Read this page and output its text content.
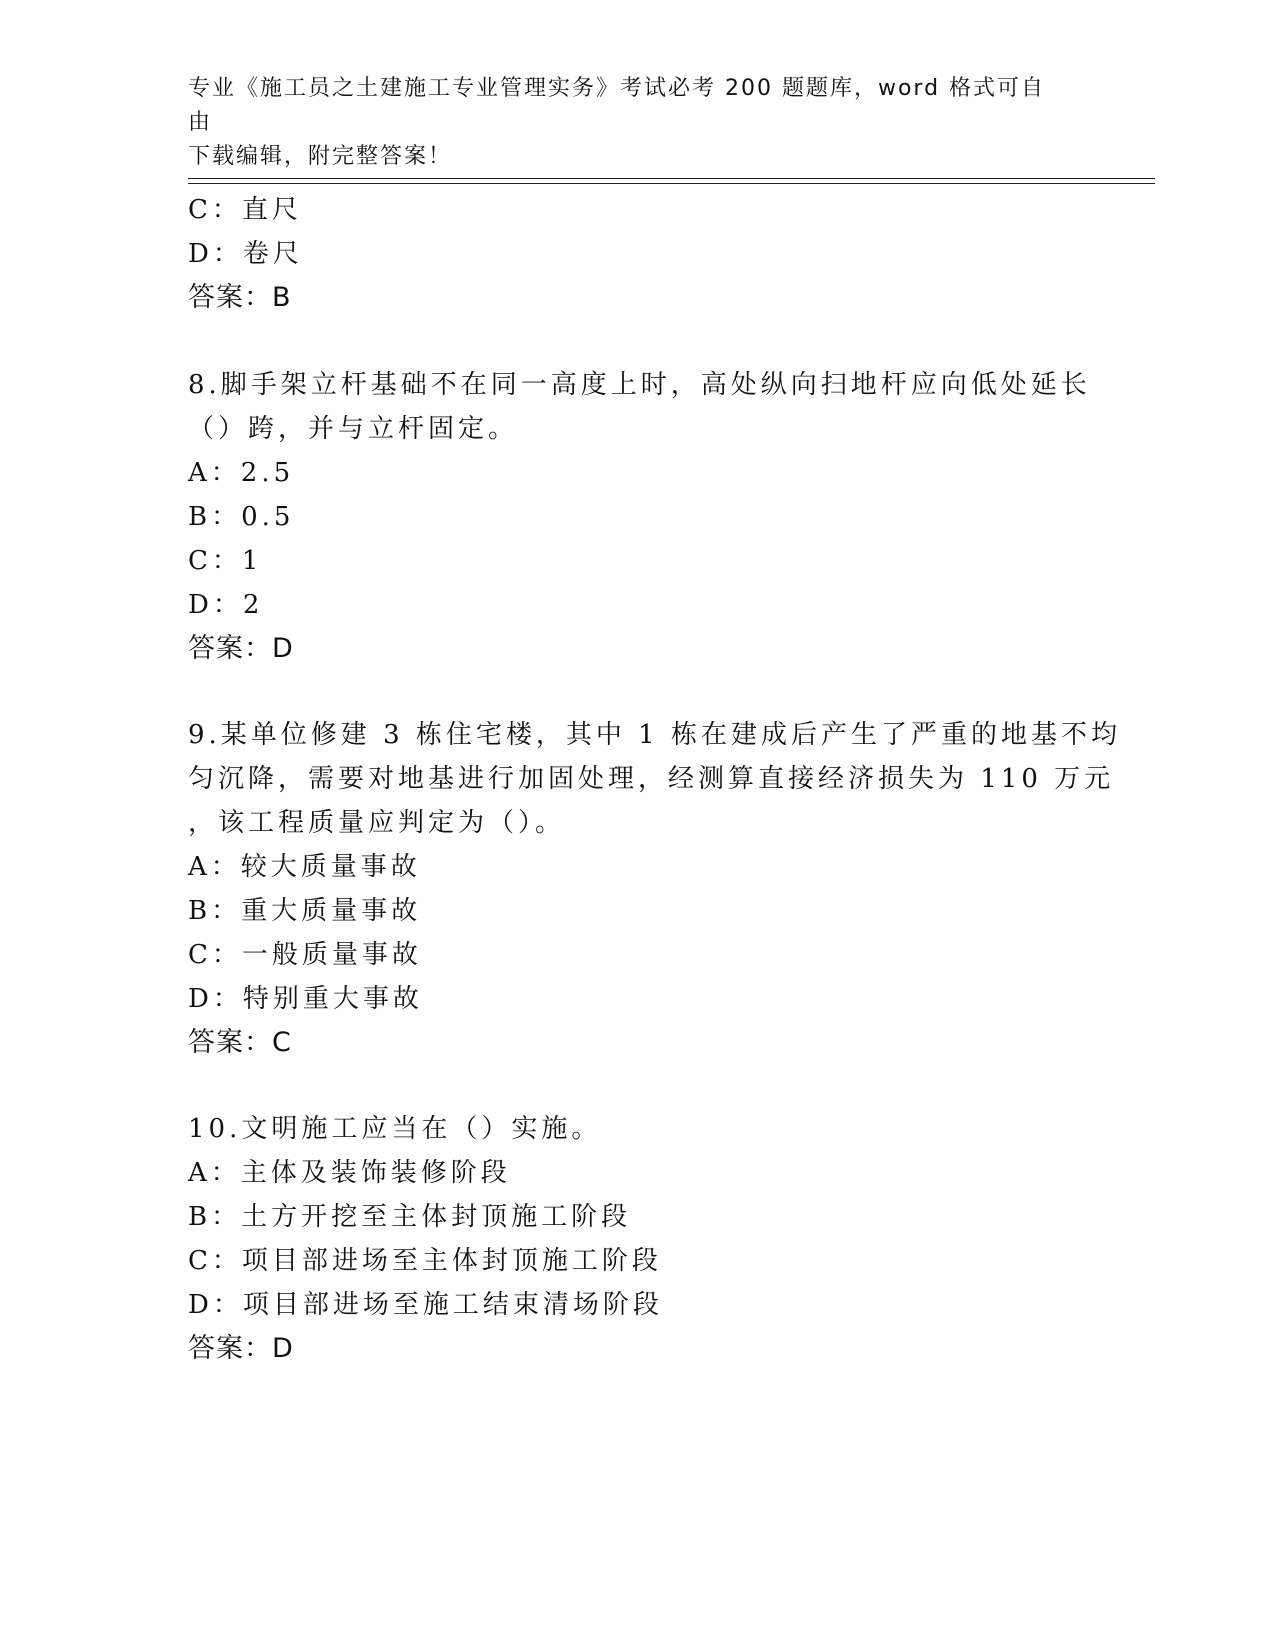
专业《施工员之土建施工专业管理实务》考试必考 200 题题库，word 格式可自由
下载编辑，附完整答案！
C：直尺
D：卷尺
答案：B
8.脚手架立杆基础不在同一高度上时，高处纵向扫地杆应向低处延长
（）跨，并与立杆固定。
A：2.5
B：0.5
C：1
D：2
答案：D
9.某单位修建 3 栋住宅楼，其中 1 栋在建成后产生了严重的地基不均
匀沉降，需要对地基进行加固处理，经测算直接经济损失为 110 万元
，该工程质量应判定为（）。
A：较大质量事故
B：重大质量事故
C：一般质量事故
D：特别重大事故
答案：C
10.文明施工应当在（）实施。
A：主体及装饰装修阶段
B：土方开挖至主体封顶施工阶段
C：项目部进场至主体封顶施工阶段
D：项目部进场至施工结束清场阶段
答案：D
